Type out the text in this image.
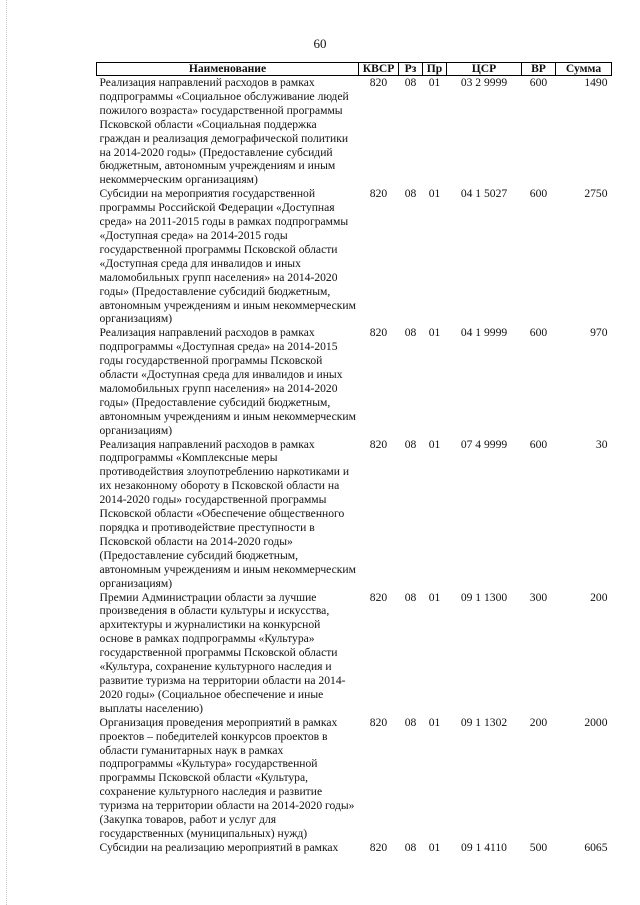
60
Наименование	КВСР	Рз	Пр	ЦСР	ВР	Сумма
Реализация направлений расходов в рамках подпрограммы «Социальное обслуживание людей пожилого возраста» государственной программы Псковской области «Социальная поддержка граждан и реализация демографической политики на 2014-2020 годы» (Предоставление субсидий бюджетным, автономным учреждениям и иным некоммерческим организациям)	820	08	01	03 2 9999	600	1490
Субсидии на мероприятия государственной программы Российской Федерации «Доступная среда» на 2011-2015 годы в рамках подпрограммы «Доступная среда» на 2014-2015 годы государственной программы Псковской области «Доступная среда для инвалидов и иных маломобильных групп населения» на 2014-2020 годы» (Предоставление субсидий бюджетным, автономным учреждениям и иным некоммерческим организациям)	820	08	01	04 1 5027	600	2750
Реализация направлений расходов в рамках подпрограммы «Доступная среда» на 2014-2015 годы государственной программы Псковской области «Доступная среда для инвалидов и иных маломобильных групп населения» на 2014-2020 годы» (Предоставление субсидий бюджетным, автономным учреждениям и иным некоммерческим организациям)	820	08	01	04 1 9999	600	970
Реализация направлений расходов в рамках подпрограммы «Комплексные меры противодействия злоупотреблению наркотиками и их незаконному обороту в Псковской области на 2014-2020 годы» государственной программы Псковской области «Обеспечение общественного порядка и противодействие преступности в Псковской области на 2014-2020 годы» (Предоставление субсидий бюджетным, автономным учреждениям и иным некоммерческим организациям)	820	08	01	07 4 9999	600	30
Премии Администрации области за лучшие произведения в области культуры и искусства, архитектуры и журналистики на конкурсной основе в рамках подпрограммы «Культура» государственной программы Псковской области «Культура, сохранение культурного наследия и развитие туризма на территории области на 2014-2020 годы» (Социальное обеспечение и иные выплаты населению)	820	08	01	09 1 1300	300	200
Организация проведения мероприятий в рамках проектов – победителей конкурсов проектов в области гуманитарных наук в рамках подпрограммы «Культура» государственной программы Псковской области «Культура, сохранение культурного наследия и развитие туризма на территории области на 2014-2020 годы» (Закупка товаров, работ и услуг для государственных (муниципальных) нужд)	820	08	01	09 1 1302	200	2000
Субсидии на реализацию мероприятий в рамках	820	08	01	09 1 4110	500	6065
